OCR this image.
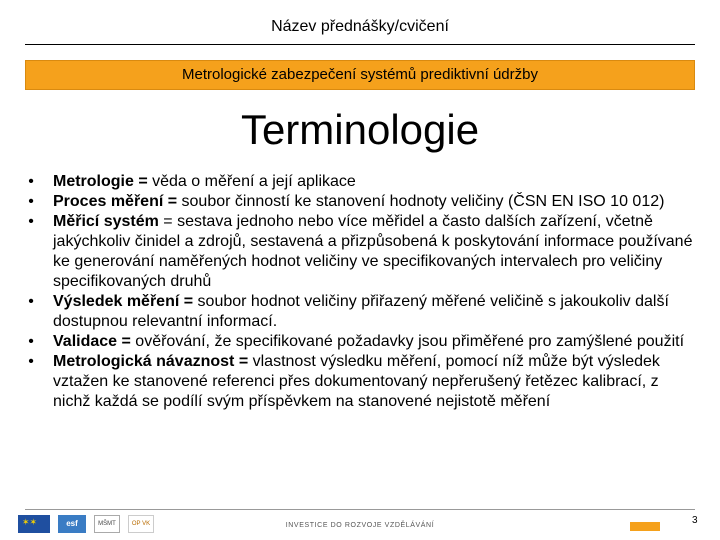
Název přednášky/cvičení
Metrologické zabezpečení systémů prediktivní údržby
Terminologie
• Metrologie = věda o měření a její aplikace
• Proces měření = soubor činností ke stanovení hodnoty veličiny (ČSN EN ISO 10 012)
• Měřicí systém = sestava jednoho nebo více měřidel a často dalších zařízení, včetně jakýchkoliv činidel a zdrojů, sestavená a přizpůsobená k poskytování informace používané ke generování naměřených hodnot veličiny ve specifikovaných intervalech pro veličiny specifikovaných druhů
• Výsledek měření = soubor hodnot veličiny přiřazený měřené veličině s jakoukoliv další dostupnou relevantní informací.
• Validace = ověřování, že specifikované požadavky jsou přiměřené pro zamýšlené použití
• Metrologická návaznost = vlastnost výsledku měření, pomocí níž může být výsledek vztažen ke stanovené referenci přes dokumentovaný nepřerušený řetězec kalibrací, z nichž každá se podílí svým příspěvkem na stanovené nejistotě měření
✶✶
esf	MŠMT	OP VK	INVESTICE DO ROZVOJE VZDĚLÁVÁNÍ	3
